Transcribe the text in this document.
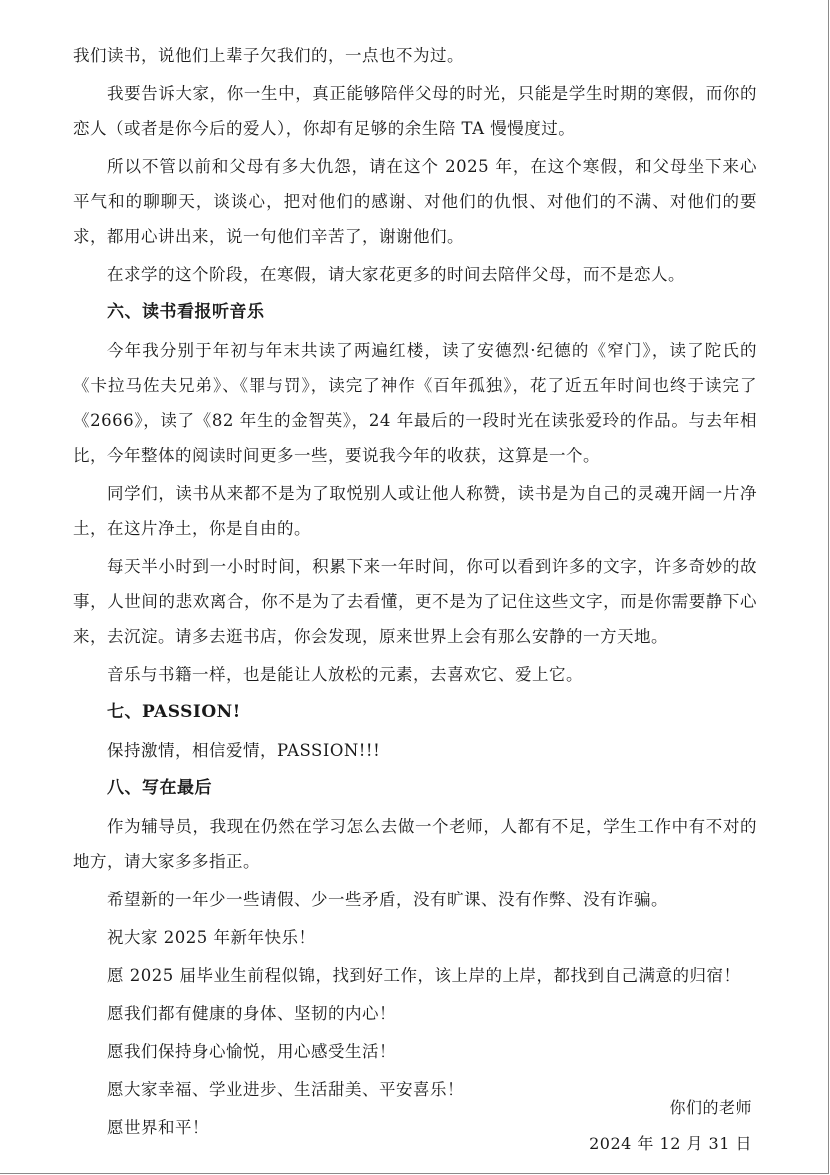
我们读书，说他们上辈子欠我们的，一点也不为过。

我要告诉大家，你一生中，真正能够陪伴父母的时光，只能是学生时期的寒假，而你的恋人（或者是你今后的爱人），你却有足够的余生陪 TA 慢慢度过。

所以不管以前和父母有多大仇怨，请在这个 2025 年，在这个寒假，和父母坐下来心平气和的聊聊天，谈谈心，把对他们的感谢、对他们的仇恨、对他们的不满、对他们的要求，都用心讲出来，说一句他们辛苦了，谢谢他们。

在求学的这个阶段，在寒假，请大家花更多的时间去陪伴父母，而不是恋人。

六、读书看报听音乐

今年我分别于年初与年末共读了两遍红楼，读了安德烈·纪德的《窄门》，读了陀氏的《卡拉马佐夫兄弟》、《罪与罚》，读完了神作《百年孤独》，花了近五年时间也终于读完了《2666》，读了《82 年生的金智英》，24 年最后的一段时光在读张爱玲的作品。与去年相比，今年整体的阅读时间更多一些，要说我今年的收获，这算是一个。

同学们，读书从来都不是为了取悦别人或让他人称赞，读书是为自己的灵魂开阔一片净土，在这片净土，你是自由的。

每天半小时到一小时时间，积累下来一年时间，你可以看到许多的文字，许多奇妙的故事，人世间的悲欢离合，你不是为了去看懂，更不是为了记住这些文字，而是你需要静下心来，去沉淀。请多去逛书店，你会发现，原来世界上会有那么安静的一方天地。

音乐与书籍一样，也是能让人放松的元素，去喜欢它、爱上它。

七、PASSION!

保持激情，相信爱情，PASSION!!!

八、写在最后

作为辅导员，我现在仍然在学习怎么去做一个老师，人都有不足，学生工作中有不对的地方，请大家多多指正。

希望新的一年少一些请假、少一些矛盾，没有旷课、没有作弊、没有诈骗。

祝大家 2025 年新年快乐！

愿 2025 届毕业生前程似锦，找到好工作，该上岸的上岸，都找到自己满意的归宿！

愿我们都有健康的身体、坚韧的内心！

愿我们保持身心愉悦，用心感受生活！

愿大家幸福、学业进步、生活甜美、平安喜乐！

愿世界和平！

你们的老师
2024 年 12 月 31 日
